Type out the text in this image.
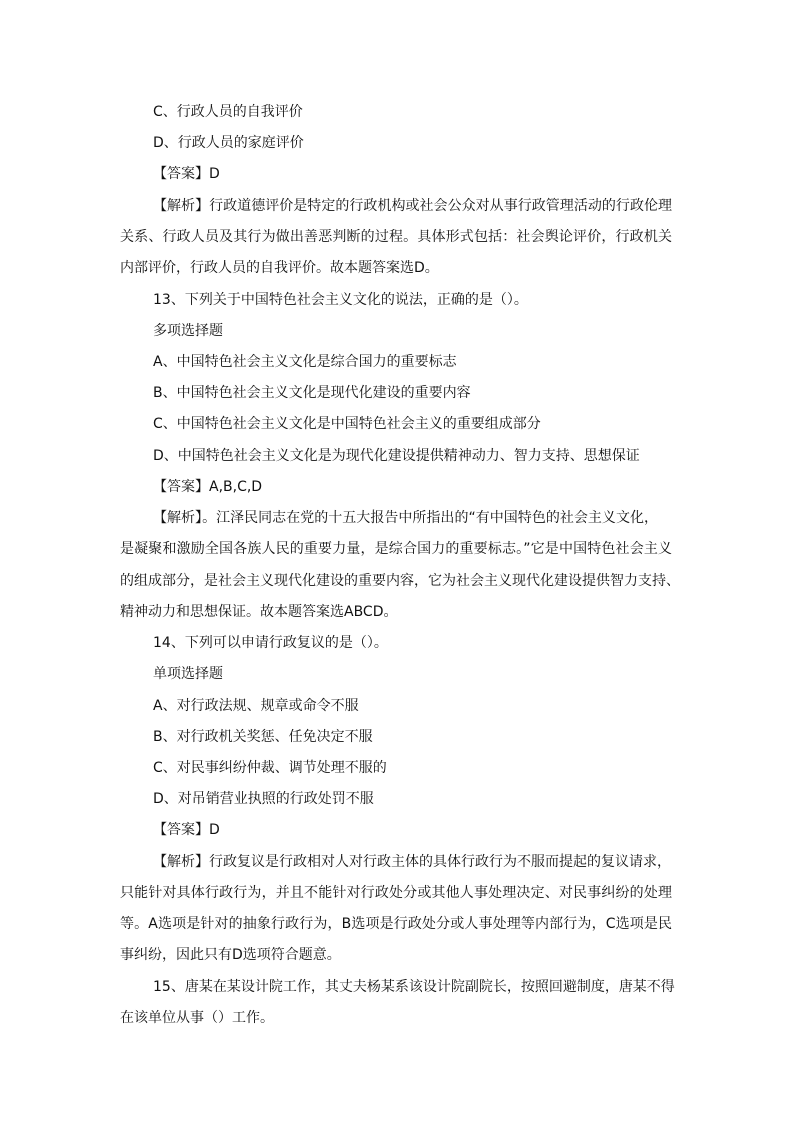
C、行政人员的自我评价
D、行政人员的家庭评价
【答案】D
【解析】行政道德评价是特定的行政机构或社会公众对从事行政管理活动的行政伦理
关系、行政人员及其行为做出善恶判断的过程。具体形式包括：社会舆论评价，行政机关
内部评价，行政人员的自我评价。故本题答案选D。
13、下列关于中国特色社会主义文化的说法，正确的是（）。
多项选择题
A、中国特色社会主义文化是综合国力的重要标志
B、中国特色社会主义文化是现代化建设的重要内容
C、中国特色社会主义文化是中国特色社会主义的重要组成部分
D、中国特色社会主义文化是为现代化建设提供精神动力、智力支持、思想保证
【答案】A,B,C,D
【解析】。江泽民同志在党的十五大报告中所指出的“有中国特色的社会主义文化，
是凝聚和激励全国各族人民的重要力量，是综合国力的重要标志。”它是中国特色社会主义
的组成部分，是社会主义现代化建设的重要内容，它为社会主义现代化建设提供智力支持、
精神动力和思想保证。故本题答案选ABCD。
14、下列可以申请行政复议的是（）。
单项选择题
A、对行政法规、规章或命令不服
B、对行政机关奖惩、任免决定不服
C、对民事纠纷仲裁、调节处理不服的
D、对吊销营业执照的行政处罚不服
【答案】D
【解析】行政复议是行政相对人对行政主体的具体行政行为不服而提起的复议请求，
只能针对具体行政行为，并且不能针对行政处分或其他人事处理决定、对民事纠纷的处理
等。A选项是针对的抽象行政行为，B选项是行政处分或人事处理等内部行为，C选项是民
事纠纷，因此只有D选项符合题意。
15、唐某在某设计院工作，其丈夫杨某系该设计院副院长，按照回避制度，唐某不得
在该单位从事（）工作。
